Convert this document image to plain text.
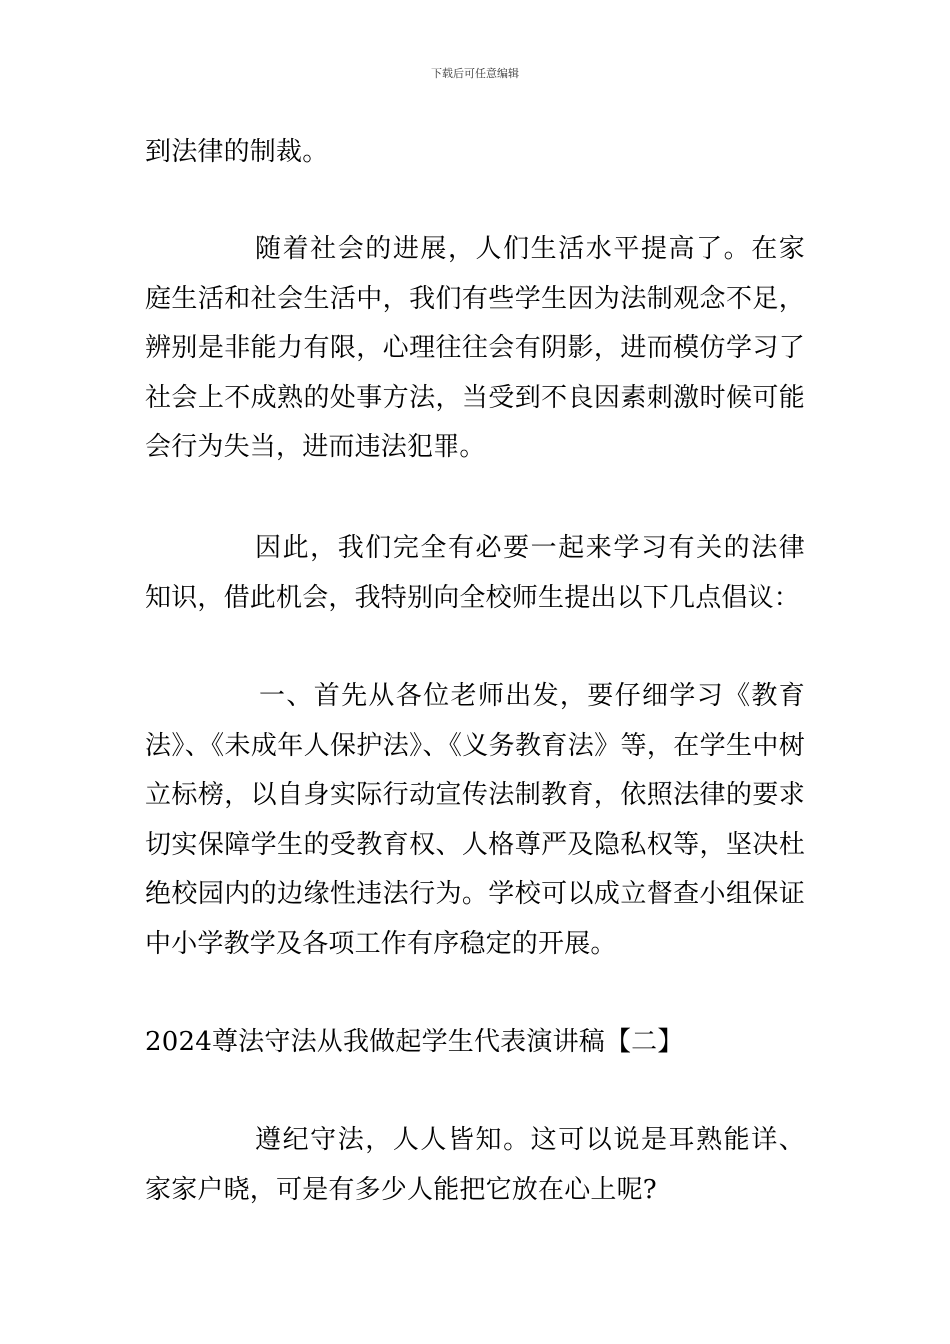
下载后可任意编辑

到法律的制裁。

随着社会的进展，人们生活水平提高了。在家庭生活和社会生活中，我们有些学生因为法制观念不足，辨别是非能力有限，心理往往会有阴影，进而模仿学习了社会上不成熟的处事方法，当受到不良因素刺激时候可能会行为失当，进而违法犯罪。

因此，我们完全有必要一起来学习有关的法律知识，借此机会，我特别向全校师生提出以下几点倡议：

一、首先从各位老师出发，要仔细学习《教育法》、《未成年人保护法》、《义务教育法》等，在学生中树立标榜，以自身实际行动宣传法制教育，依照法律的要求切实保障学生的受教育权、人格尊严及隐私权等，坚决杜绝校园内的边缘性违法行为。学校可以成立督查小组保证中小学教学及各项工作有序稳定的开展。

2024尊法守法从我做起学生代表演讲稿【二】

遵纪守法，人人皆知。这可以说是耳熟能详、家家户晓，可是有多少人能把它放在心上呢?
